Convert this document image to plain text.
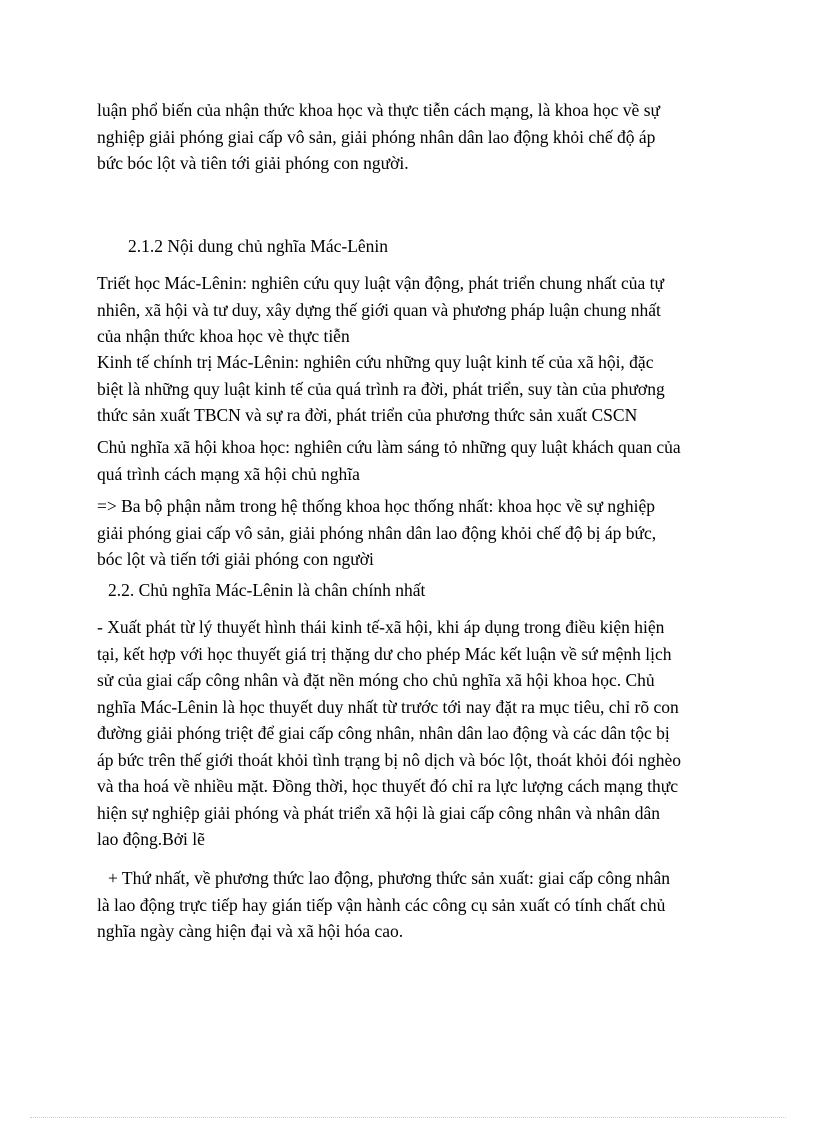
luận phổ biến của nhận thức khoa học và thực tiễn cách mạng, là khoa học về sự
nghiệp giải phóng giai cấp vô sản, giải phóng nhân dân lao động khỏi chế độ áp
bức bóc lột và tiên tới giải phóng con người.

2.1.2 Nội dung chủ nghĩa Mác-Lênin

Triết học Mác-Lênin: nghiên cứu quy luật vận động, phát triển chung nhất của tự
nhiên, xã hội và tư duy, xây dựng thế giới quan và phương pháp luận chung nhất
của nhận thức khoa học vè thực tiễn

Kinh tế chính trị Mác-Lênin: nghiên cứu những quy luật kinh tế của xã hội, đặc
biệt là những quy luật kinh tế của quá trình ra đời, phát triển, suy tàn của phương
thức sản xuất TBCN và sự ra đời, phát triển của phương thức sản xuất CSCN

Chủ nghĩa xã hội khoa học: nghiên cứu làm sáng tỏ những quy luật khách quan của
quá trình cách mạng xã hội chủ nghĩa

=> Ba bộ phận nằm trong hệ thống khoa học thống nhất: khoa học về sự nghiệp
giải phóng giai cấp vô sản, giải phóng nhân dân lao động khỏi chế độ bị áp bức,
bóc lột và tiến tới giải phóng con người

2.2. Chủ nghĩa Mác-Lênin là chân chính nhất

- Xuất phát từ lý thuyết hình thái kinh tế-xã hội, khi áp dụng trong điều kiện hiện
tại, kết hợp với học thuyết giá trị thặng dư cho phép Mác kết luận về sứ mệnh lịch
sử của giai cấp công nhân và đặt nền móng cho chủ nghĩa xã hội khoa học. Chủ
nghĩa Mác-Lênin là học thuyết duy nhất từ trước tới nay đặt ra mục tiêu, chỉ rõ con
đường giải phóng triệt để giai cấp công nhân, nhân dân lao động và các dân tộc bị
áp bức trên thế giới thoát khỏi tình trạng bị nô dịch và bóc lột, thoát khỏi đói nghèo
và tha hoá về nhiều mặt. Đồng thời, học thuyết đó chỉ ra lực lượng cách mạng thực
hiện sự nghiệp giải phóng và phát triển xã hội là giai cấp công nhân và nhân dân
lao động.Bởi lẽ

+ Thứ nhất, về phương thức lao động, phương thức sản xuất: giai cấp công nhân
là lao động trực tiếp hay gián tiếp vận hành các công cụ sản xuất có tính chất chủ
nghĩa ngày càng hiện đại và xã hội hóa cao.
